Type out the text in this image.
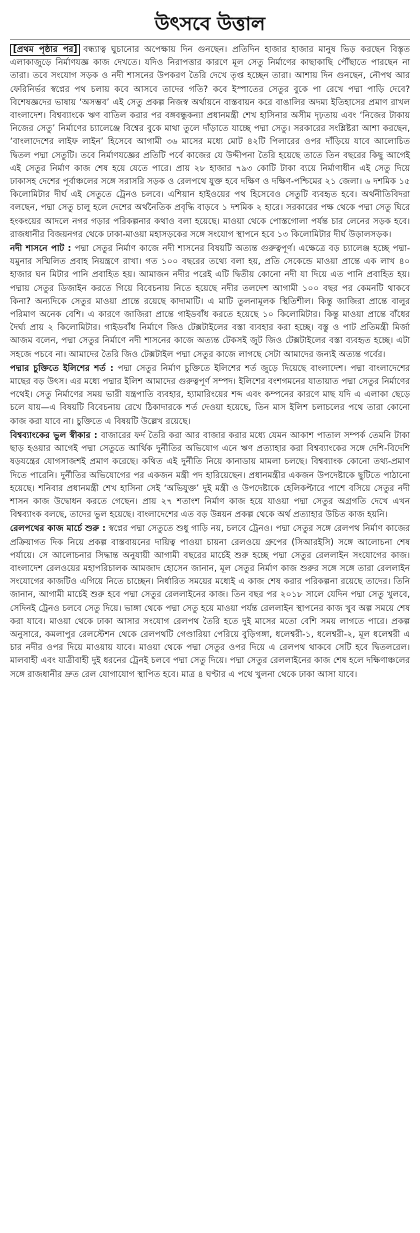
উৎসবে উত্তাল

[প্রথম পৃষ্ঠার পর] বন্ধ্যাত্ব ঘুচানোর অপেক্ষায় দিন গুনছেন। প্রতিদিন হাজার হাজার মানুষ ভিড় করছেন বিস্তৃত এলাকাজুড়ে নির্মাণযজ্ঞ কাজ দেখতে। যদিও নিরাপত্তার কারণে মূল সেতু নির্মাণের কাছাকাছি পৌঁছাতে পারছেন না তারা। তবে সংযোগ সড়ক ও নদী শাসনের উপকরণ তৈরি দেখে তৃপ্ত হচ্ছেন তারা। আশায় দিন গুনছেন, নৌপথ আর ফেরিনির্ভর স্বপ্নের পথ চলায় কবে আসবে তাদের গতি? কবে ইস্পাতের সেতুর বুকে পা রেখে পদ্মা পাড়ি দেবে? বিশেষজ্ঞদের ভাষায় ‘অসম্ভব’ এই সেতু প্রকল্প নিজস্ব অর্থায়নে বাস্তবায়ন করে বাঙালির অদম্য ইতিহাসের প্রমাণ রাখল বাংলাদেশ। বিশ্বব্যাংকে ঋণ বাতিল করার পর বঙ্গবন্ধুকন্যা প্রধানমন্ত্রী শেখ হাসিনার অসীম দৃঢ়তায় এবং ‘নিজের টাকায় নিজের সেতু’ নির্মাণের চ্যালেঞ্জে বিশ্বের বুকে মাথা তুলে দাঁড়াতে যাচ্ছে পদ্মা সেতু। সরকারের সংশ্লিষ্টরা আশা করছেন, ‘বাংলাদেশের লাইফ লাইন’ হিসেবে আগামী ৩৬ মাসের মধ্যে মোট ৪২টি পিলারের ওপর দাঁড়িয়ে যাবে আলোচিত দ্বিতল পদ্মা সেতুটি। তবে নির্মাণযজ্ঞের প্রতিটি পর্বে কাজের যে উদ্দীপনা তৈরি হয়েছে তাতে তিন বছরের কিছু আগেই এই সেতুর নির্মাণ কাজ শেষ হয়ে যেতে পারে। প্রায় ২৮ হাজার ৭৯৩ কোটি টাকা ব্যয়ে নির্মাণাধীন এই সেতু দিয়ে ঢাকাসহ দেশের পূর্বাঞ্চলের সঙ্গে সরাসরি সড়ক ও রেলপথে যুক্ত হবে দক্ষিণ ও দক্ষিণ-পশ্চিমের ২১ জেলা। ৬ দশমিক ১৫ কিলোমিটার দীর্ঘ এই সেতুতে ট্রেনও চলবে। এশিয়ান হাইওয়ের পথ হিসেবেও সেতুটি ব্যবহৃত হবে। অর্থনীতিবিদরা বলছেন, পদ্মা সেতু চালু হলে দেশের অর্থনৈতিক প্রবৃদ্ধি বাড়বে ১ দশমিক ২ হারে। সরকারের পক্ষ থেকে পদ্মা সেতু ঘিরে হংকংয়ের আদলে নগর গড়ার পরিকল্পনার কথাও বলা হয়েছে। মাওয়া থেকে পোস্তগোলা পর্যন্ত চার লেনের সড়ক হবে। রাজধানীর বিজয়নগর থেকে ঢাকা-মাওয়া মহাসড়কের সঙ্গে সংযোগ স্থাপনে হবে ১৩ কিলোমিটার দীর্ঘ উড়ালসড়ক।

নদী শাসনে পাট : পদ্মা সেতুর নির্মাণ কাজে নদী শাসনের বিষয়টি অত্যন্ত গুরুত্বপূর্ণ। এক্ষেত্রে বড় চ্যালেঞ্জ হচ্ছে পদ্মা-যমুনার সম্মিলিত প্রবাহ নিয়ন্ত্রণে রাখা। গত ১০০ বছরের তথ্যে বলা হয়, প্রতি সেকেন্ডে মাওয়া প্রান্তে এক লাখ ৪০ হাজার ঘন মিটার পানি প্রবাহিত হয়। আমাজন নদীর পরেই এটি দ্বিতীয় কোনো নদী যা দিয়ে এত পানি প্রবাহিত হয়। পদ্মায় সেতুর ডিজাইন করতে গিয়ে বিবেচনায় নিতে হয়েছে নদীর তলদেশ আগামী ১০০ বছর পর কেমনটি থাকবে কিনা? অন্যদিকে সেতুর মাওয়া প্রান্তে রয়েছে কাদামাটি। এ মাটি তুলনামূলক স্থিতিশীল। কিন্তু জাজিরা প্রান্তে বালুর পরিমাণ অনেক বেশি। এ কারণে জাজিরা প্রান্তে গাইডবাঁধ করতে হয়েছে ১০ কিলোমিটার। কিন্তু মাওয়া প্রান্তে বাঁধের দৈর্ঘ্য প্রায় ২ কিলোমিটার। গাইডবাঁধ নির্মাণে জিও টেক্সটাইলের বস্তা ব্যবহার করা হচ্ছে। বস্তু ও পাট প্রতিমন্ত্রী মির্জা আজম বলেন, পদ্মা সেতুর নির্মাণে নদী শাসনের কাজে অত্যন্ত টেকসই জুট জিও টেক্সটাইলের বস্তা ব্যবহৃত হচ্ছে। এটা সহজে পচবে না। আমাদের তৈরি জিও টেক্সটাইল পদ্মা সেতুর কাজে লাগছে সেটা আমাদের জন্যই অত্যন্ত গর্বের।

পদ্মার চুক্তিতে ইলিশের শর্ত : পদ্মা সেতুর নির্মাণ চুক্তিতে ইলিশের শর্ত জুড়ে দিয়েছে বাংলাদেশ। পদ্মা বাংলাদেশের মাছের বড় উৎস। এর মধ্যে পদ্মার ইলিশ আমাদের গুরুত্বপূর্ণ সম্পদ। ইলিশের বংশগমনের যাতায়াত পদ্মা সেতুর নির্মাণের পথেই। সেতু নির্মাণের সময় ভারী যন্ত্রপাতি ব্যবহার, হ্যামারিংয়ের শব্দ এবং কম্পনের কারণে মাছ যদি এ এলাকা ছেড়ে চলে যায়—এ বিষয়টি বিবেচনায় রেখে ঠিকাদারকে শর্ত দেওয়া হয়েছে, তিন মাস ইলিশ চলাচলের পথে তারা কোনো কাজ করা যাবে না। চুক্তিতে এ বিষয়টি উল্লেখ রয়েছে।

বিশ্বব্যাংকের ভুল স্বীকার : বাজারের ফর্দ তৈরি করা আর বাজার করার মধ্যে যেমন আকাশ পাতাল সম্পর্ক তেমনি টাকা ছাড় হওয়ার আগেই পদ্মা সেতুতে আর্থিক দুর্নীতির অভিযোগ এনে ঋণ প্রত্যাহার করা বিশ্বব্যাংকের সঙ্গে দেশি-বিদেশি ষড়যন্ত্রের যোগসাজশই প্রমাণ করেছে। কথিত এই দুর্নীতি নিয়ে কানাডায় মামলা চলছে। বিশ্বব্যাংক কোনো তথ্য-প্রমাণ দিতে পারেনি। দুর্নীতির অভিযোগের পর একজন মন্ত্রী পদ হারিয়েছেন। প্রধানমন্ত্রীর একজন উপদেষ্টাকে ছুটিতে পাঠানো হয়েছে। শনিবার প্রধানমন্ত্রী শেখ হাসিনা সেই ‘অভিযুক্ত’ দুই মন্ত্রী ও উপদেষ্টাকে হেলিকপ্টারে পাশে বসিয়ে সেতুর নদী শাসন কাজ উদ্বোধন করতে গেছেন। প্রায় ২৭ শতাংশ নির্মাণ কাজ হয়ে যাওয়া পদ্মা সেতুর অগ্রগতি দেখে এখন বিশ্বব্যাংক বলছে, তাদের ভুল হয়েছে। বাংলাদেশের এত বড় উন্নয়ন প্রকল্প থেকে অর্থ প্রত্যাহার উচিত কাজ হয়নি।

রেলপথের কাজ মার্চে শুরু : স্বপ্নের পদ্মা সেতুতে শুধু গাড়ি নয়, চলবে ট্রেনও। পদ্মা সেতুর সঙ্গে রেলপথ নির্মাণ কাজের প্রক্রিয়াগত দিক নিয়ে প্রকল্প বাস্তবায়নের দায়িত্ব পাওয়া চায়না রেলওয়ে গ্রুপের (সিআরইসি) সঙ্গে আলোচনা শেষ পর্যায়ে। সে আলোচনার সিদ্ধান্ত অনুযায়ী আগামী বছরের মার্চেই শুরু হচ্ছে পদ্মা সেতুর রেললাইন সংযোগের কাজ। বাংলাদেশ রেলওয়ের মহাপরিচালক আমজাদ হোসেন জানান, মূল সেতুর নির্মাণ কাজ শুরুর সঙ্গে সঙ্গে তারা রেললাইন সংযোগের কাজটিও এগিয়ে নিতে চাচ্ছেন। নির্ধারিত সময়ের মধ্যেই এ কাজ শেষ করার পরিকল্পনা রয়েছে তাদের। তিনি জানান, আগামী মার্চেই শুরু হবে পদ্মা সেতুর রেললাইনের কাজ। তিন বছর পর ২০১৮ সালে যেদিন পদ্মা সেতু খুলবে, সেদিনই ট্রেনও চলবে সেতু দিয়ে। ভাঙ্গা থেকে পদ্মা সেতু হয়ে মাওয়া পর্যন্ত রেললাইন স্থাপনের কাজ খুব অল্প সময়ে শেষ করা যাবে। মাওয়া থেকে ঢাকা আসার সংযোগ রেলপথ তৈরি হতে দুই মাসের মতো বেশি সময় লাগতে পারে। প্রকল্প অনুসারে, কমলাপুর রেলস্টেশন থেকে রেলপথটি গেণ্ডারিয়া পেরিয়ে বুড়িগঙ্গা, ধলেশ্বরী-১, ধলেশ্বরী-২, মূল ধলেশ্বরী এ চার নদীর ওপর দিয়ে মাওয়ায় যাবে। মাওয়া থেকে পদ্মা সেতুর ওপর দিয়ে এ রেলপথ থাকবে সেটি হবে দ্বিতলরেল। মালবাহী এবং যাত্রীবাহী দুই ধরনের ট্রেনই চলবে পদ্মা সেতু দিয়ে। পদ্মা সেতুর রেললাইনের কাজ শেষ হলে দক্ষিণাঞ্চলের সঙ্গে রাজধানীর দ্রুত রেল যোগাযোগ স্থাপিত হবে। মাত্র ৪ ঘণ্টার এ পথে খুলনা থেকে ঢাকা আসা যাবে।
